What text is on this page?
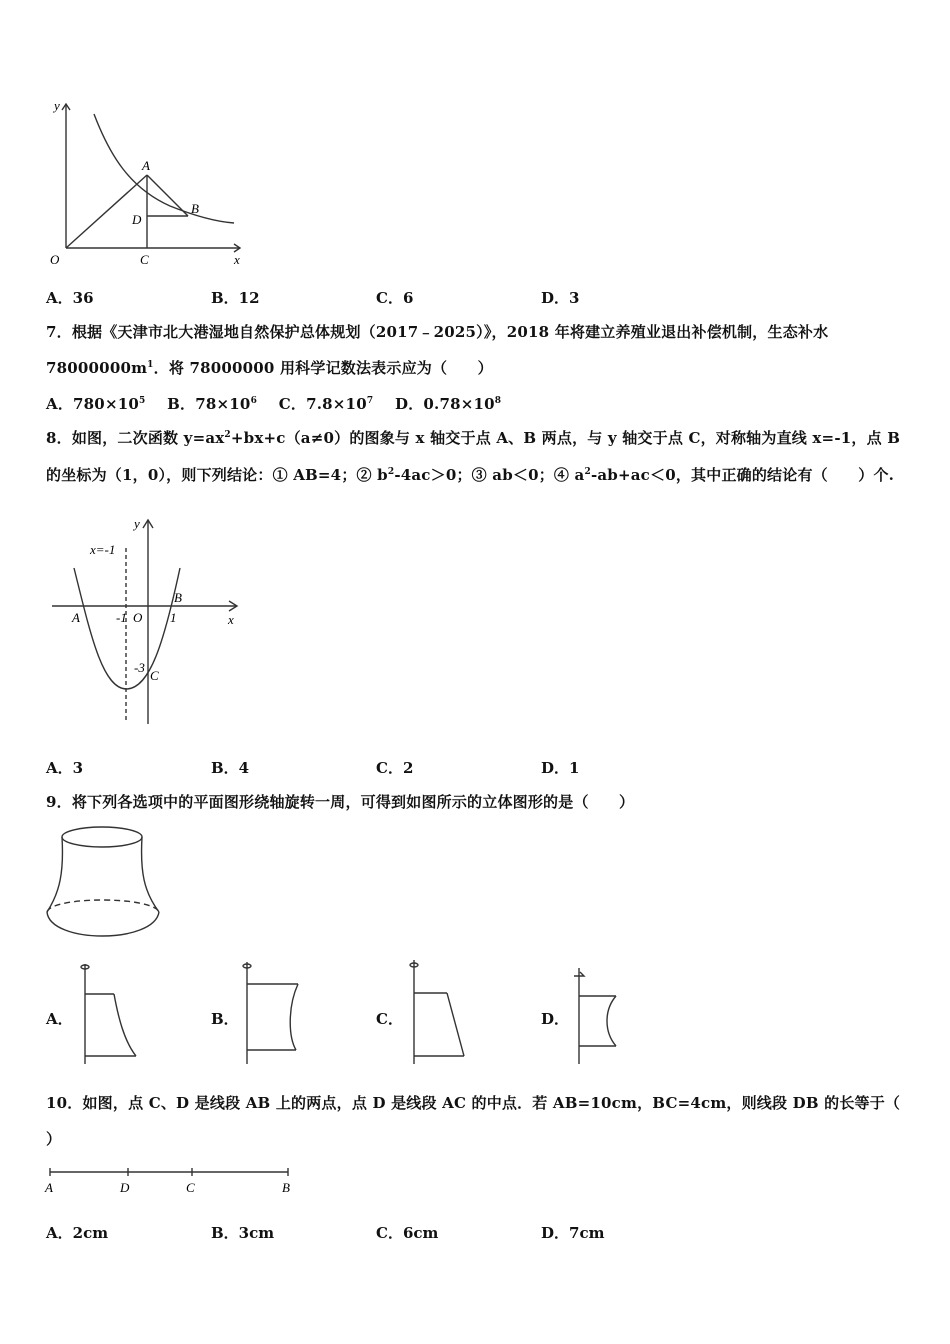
y
x
O
A
B
C
D
A．36	B．12	C．6	D．3
7．根据《天津市北大港湿地自然保护总体规划（2017﹣2025）》，2018 年将建立养殖业退出补偿机制，生态补水
$78000000m^1$．将 78000000 用科学记数法表示应为（　　）
A．$780\times 10^5$ B．$78\times 10^6$ C．$7.8\times 10^7$ D．$0.78\times 10^8$
8．如图，二次函数 $y=ax^2+bx+c(a\ne 0)$的图象与 x 轴交于点 A、B 两点，与 y 轴交于点 C，对称轴为直线 x=-1，点 B
的坐标为（1，0），则下列结论：① AB=4；② $b^2-4ac>0$；③ ab＜0；④ $a^2-ab+ac<0$，其中正确的结论有（　　）个.
x=-1
y
x
A
B
-1 O 1
-3
C
A．3	B．4	C．2	D．1
9．将下列各选项中的平面图形绕轴旋转一周，可得到如图所示的立体图形的是（　　）
A．	B．	C．	D．
10．如图，点 C、D 是线段 AB 上的两点，点 D 是线段 AC 的中点．若 AB=10cm，BC=4cm，则线段 DB 的长等于（
）
A	D	C	B
A．2cm	B．3cm	C．6cm	D．7cm
